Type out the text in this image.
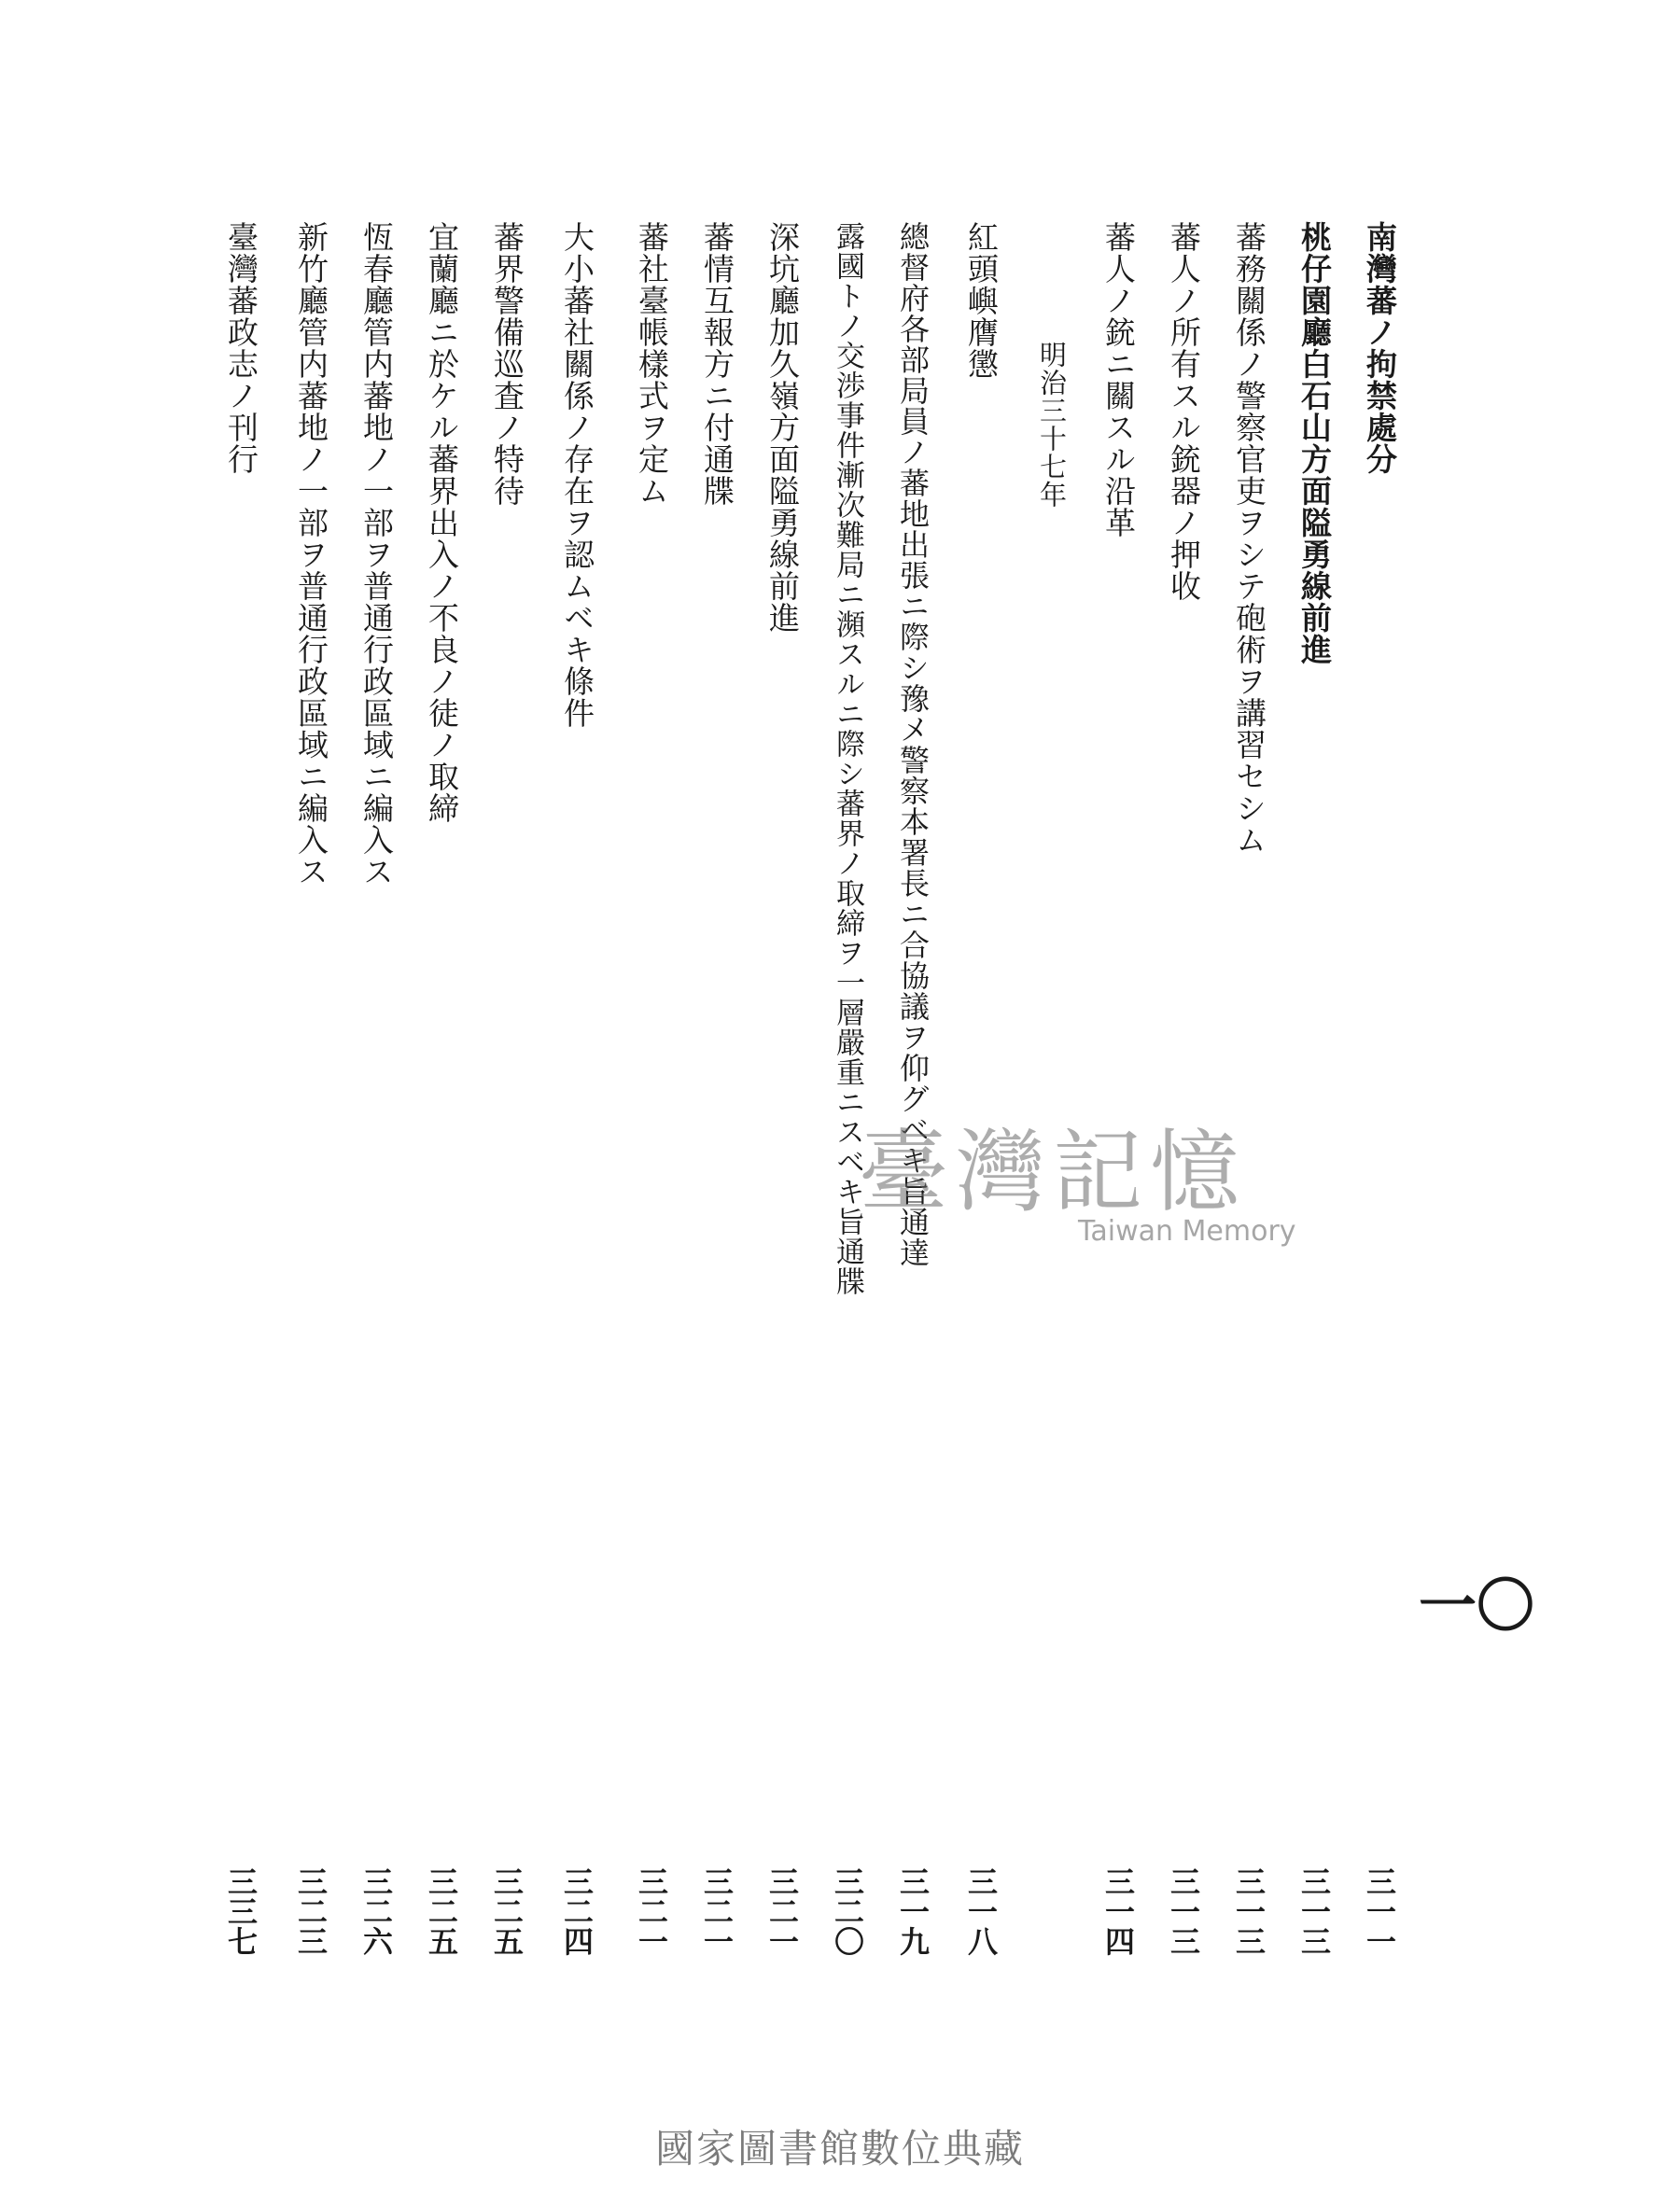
南灣蕃ノ拘禁處分
桃仔園廳白石山方面隘勇線前進
蕃務關係ノ警察官吏ヲシテ砲術ヲ講習セシム
蕃人ノ所有スル銃器ノ押收
蕃人ノ銃ニ關スル沿革
明治三十七年
紅頭嶼膺懲
總督府各部局員ノ蕃地出張ニ際シ豫メ警察本署長ニ合協議ヲ仰グベキ旨通達
露國トノ交渉事件漸次難局ニ瀕スルニ際シ蕃界ノ取締ヲ一層嚴重ニスベキ旨通牒
深坑廳加久嶺方面隘勇線前進
蕃情互報方ニ付通牒
蕃社臺帳樣式ヲ定ム
大小蕃社關係ノ存在ヲ認ムベキ條件
蕃界警備巡査ノ特待
宜蘭廳ニ於ケル蕃界出入ノ不良ノ徒ノ取締
恆春廳管内蕃地ノ一部ヲ普通行政區域ニ編入ス
新竹廳管内蕃地ノ一部ヲ普通行政區域ニ編入ス
臺灣蕃政志ノ刊行
一〇
三一一
三一三
三一三
三一三
三一四
三一八
三一九
三二〇
三二一
三二一
三二一
三二四
三二五
三二五
三二六
三二三
三三七
臺灣記憶
Taiwan Memory
國家圖書館數位典藏
